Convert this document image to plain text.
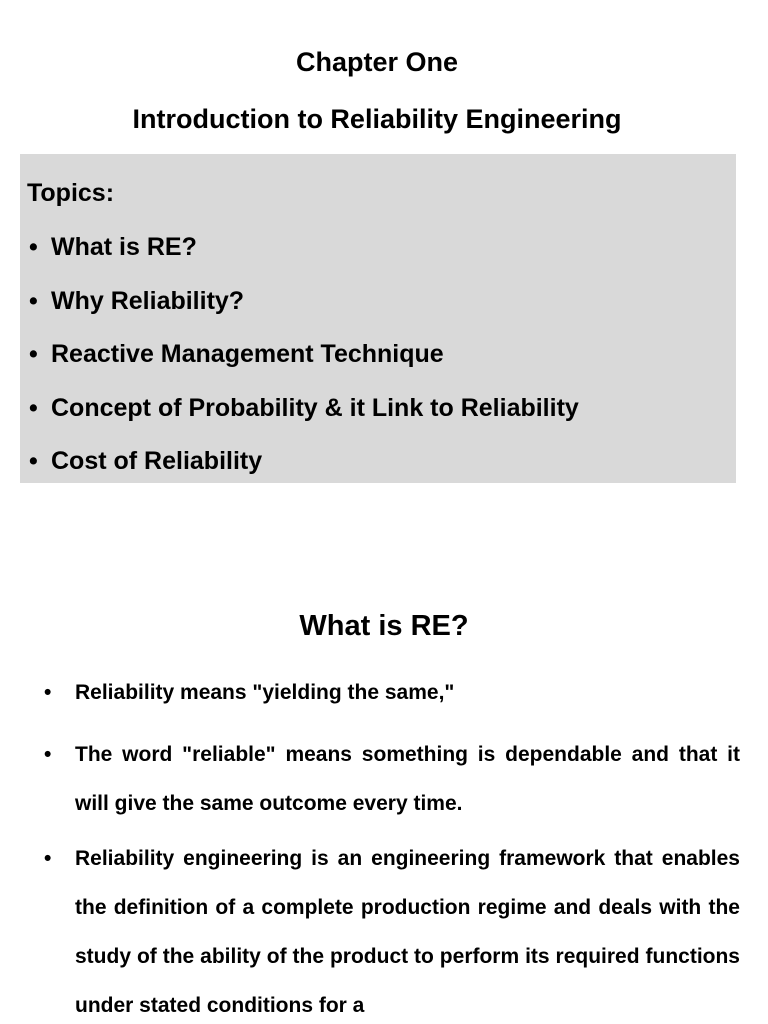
Chapter One
Introduction to Reliability Engineering
Topics:
• What is RE?
• Why Reliability?
• Reactive Management Technique
• Concept of Probability & it Link to Reliability
• Cost of Reliability
What is RE?
• Reliability means "yielding the same,"
• The word "reliable" means something is dependable and that it will give the same outcome every time.
• Reliability engineering is an engineering framework that enables the definition of a complete production regime and deals with the study of the ability of the product to perform its required functions under stated conditions for a
